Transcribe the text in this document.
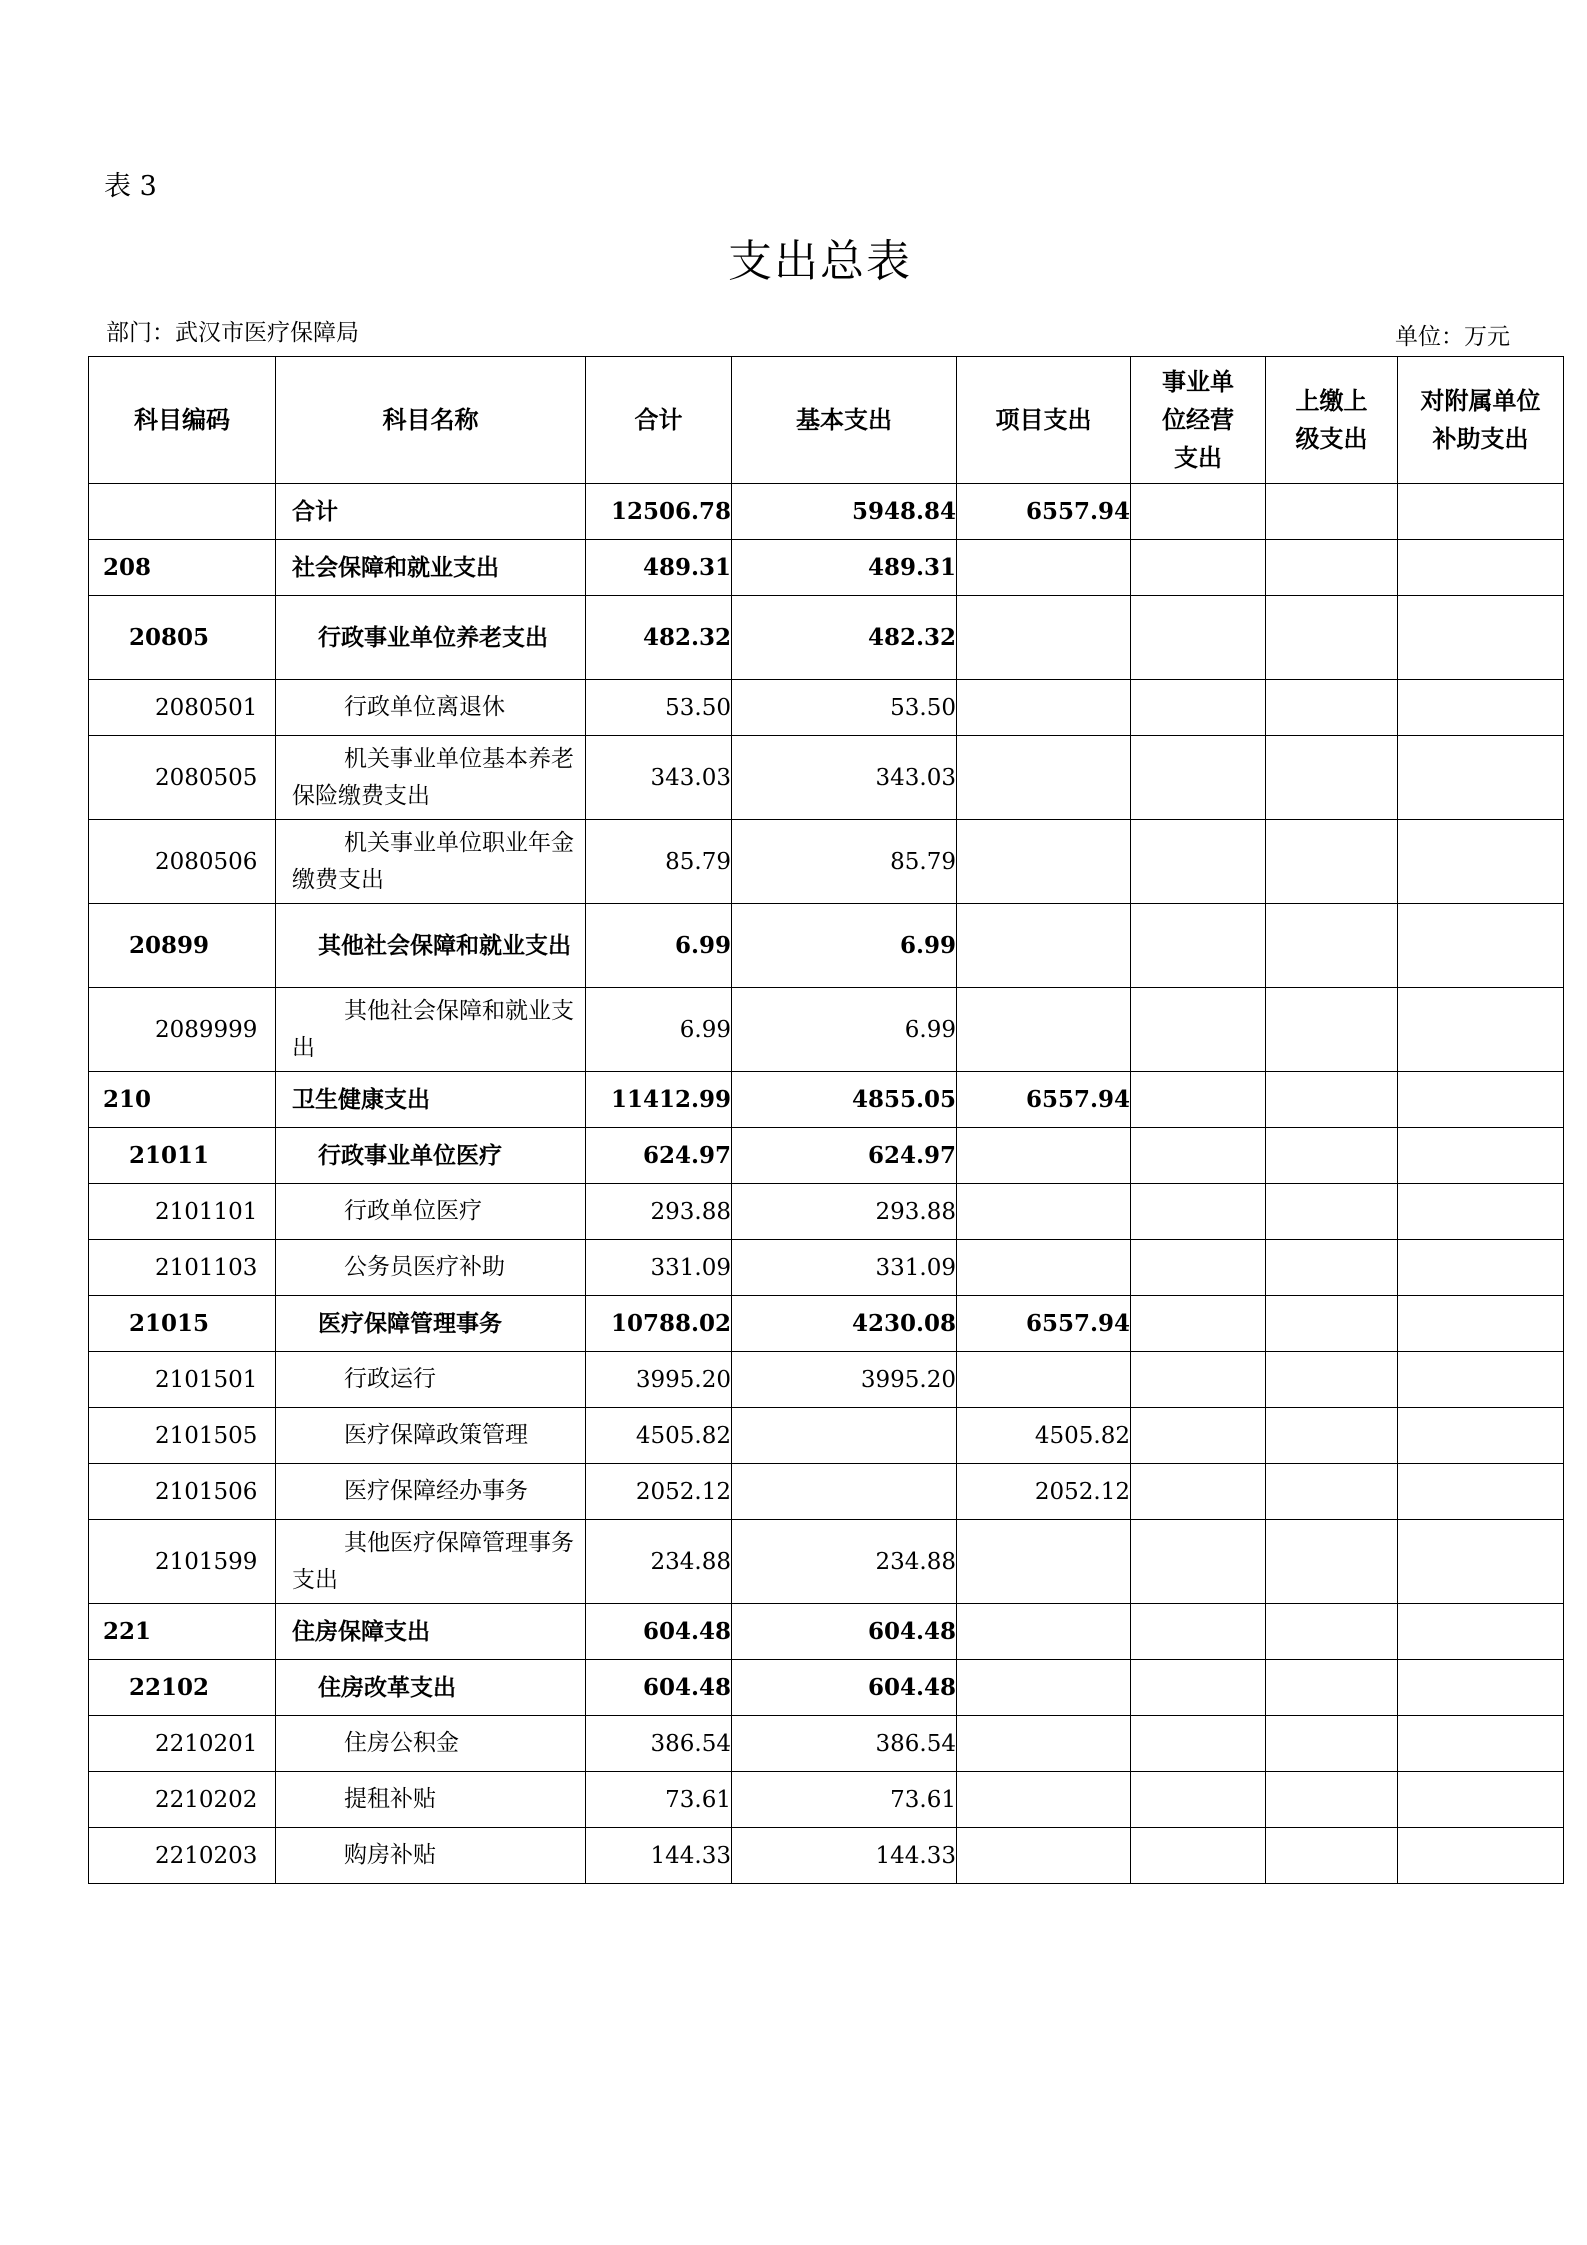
表 3
支出总表
部门：武汉市医疗保障局	单位：万元
科目编码	科目名称	合计	基本支出	项目支出	事业单位经营支出	上缴上级支出	对附属单位补助支出
	合计	12506.78	5948.84	6557.94			
208	社会保障和就业支出	489.31	489.31				
20805	行政事业单位养老支出	482.32	482.32				
2080501	行政单位离退休	53.50	53.50				
2080505	机关事业单位基本养老保险缴费支出	343.03	343.03				
2080506	机关事业单位职业年金缴费支出	85.79	85.79				
20899	其他社会保障和就业支出	6.99	6.99				
2089999	其他社会保障和就业支出	6.99	6.99				
210	卫生健康支出	11412.99	4855.05	6557.94			
21011	行政事业单位医疗	624.97	624.97				
2101101	行政单位医疗	293.88	293.88				
2101103	公务员医疗补助	331.09	331.09				
21015	医疗保障管理事务	10788.02	4230.08	6557.94			
2101501	行政运行	3995.20	3995.20				
2101505	医疗保障政策管理	4505.82		4505.82			
2101506	医疗保障经办事务	2052.12		2052.12			
2101599	其他医疗保障管理事务支出	234.88	234.88				
221	住房保障支出	604.48	604.48				
22102	住房改革支出	604.48	604.48				
2210201	住房公积金	386.54	386.54				
2210202	提租补贴	73.61	73.61				
2210203	购房补贴	144.33	144.33				
